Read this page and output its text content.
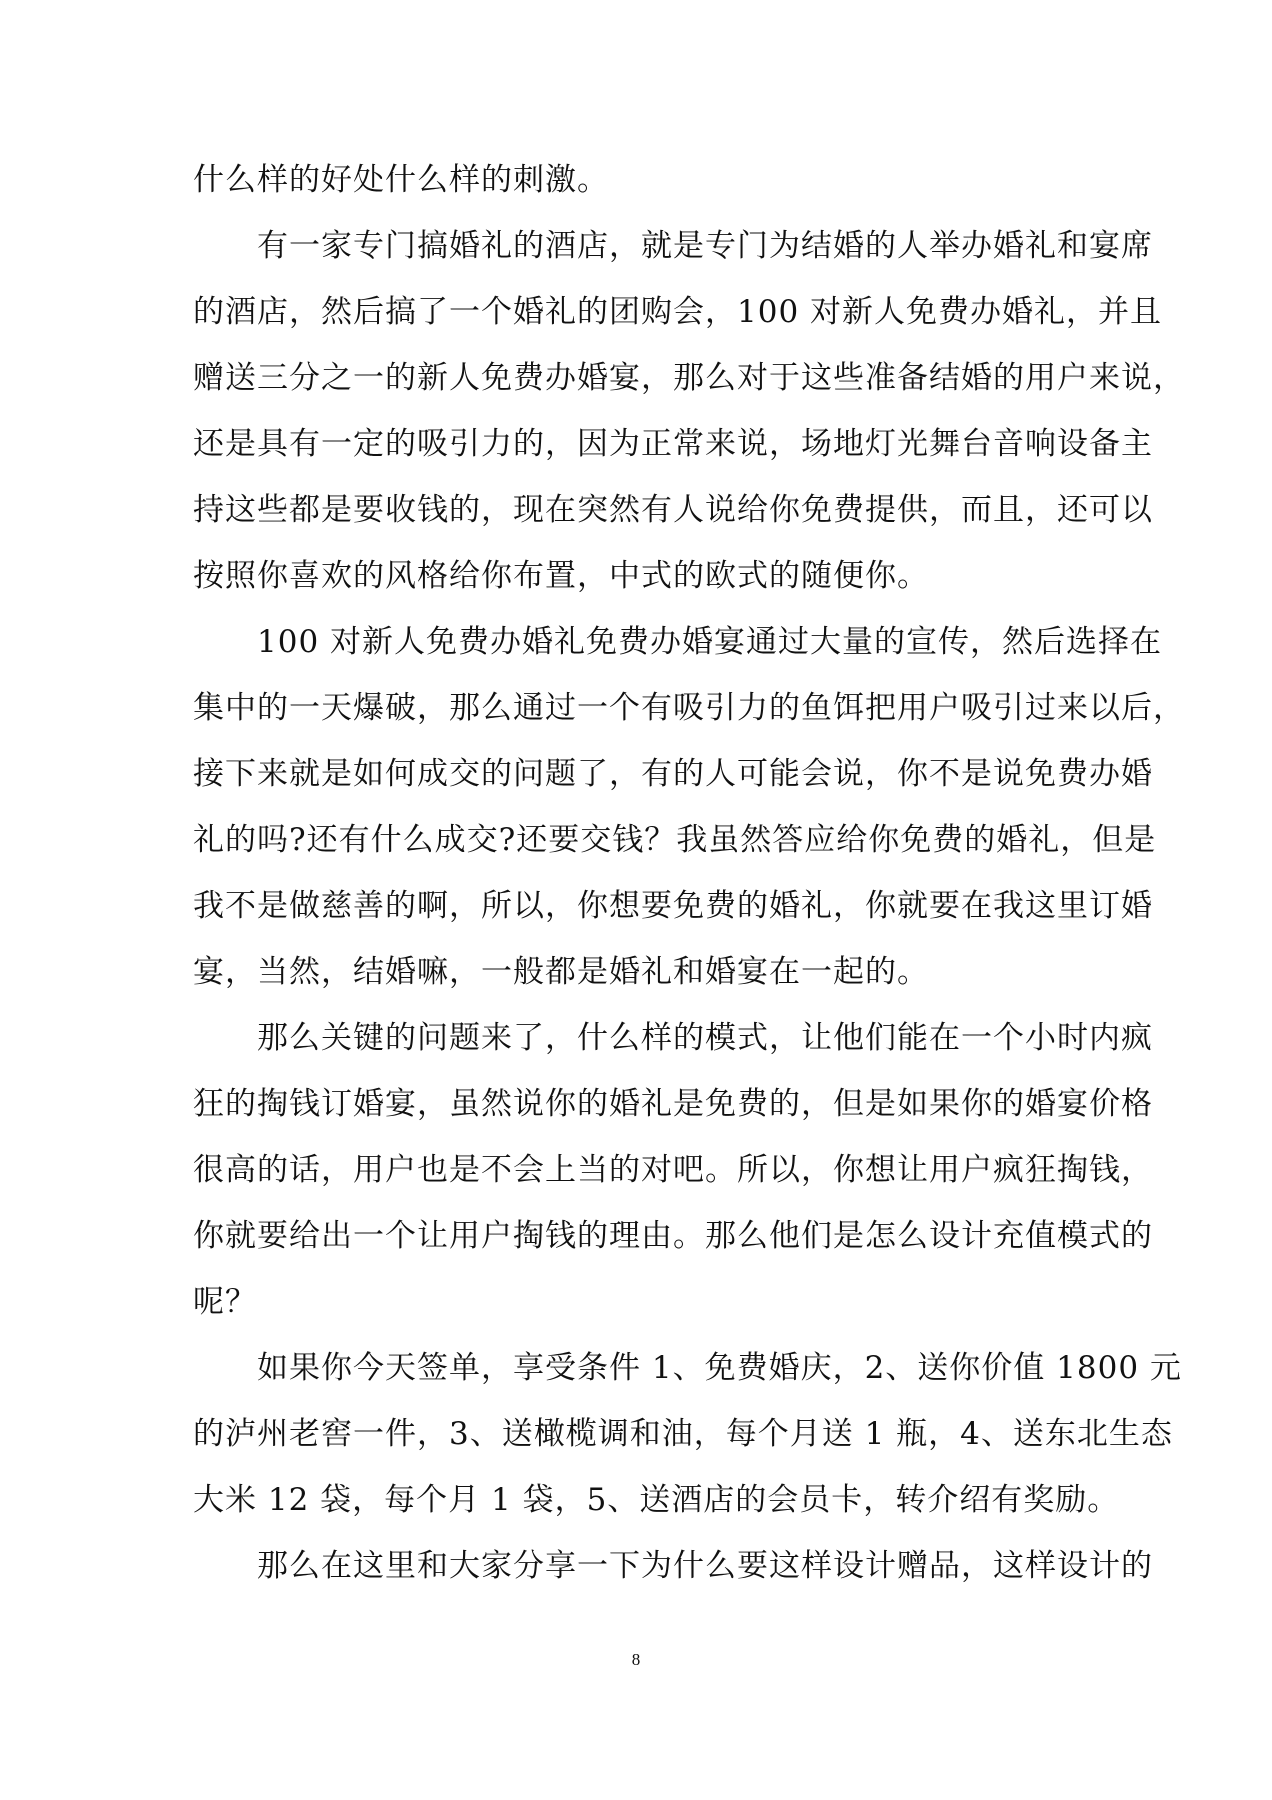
什么样的好处什么样的刺激。
　　有一家专门搞婚礼的酒店，就是专门为结婚的人举办婚礼和宴席
的酒店，然后搞了一个婚礼的团购会，100 对新人免费办婚礼，并且
赠送三分之一的新人免费办婚宴，那么对于这些准备结婚的用户来说，
还是具有一定的吸引力的，因为正常来说，场地灯光舞台音响设备主
持这些都是要收钱的，现在突然有人说给你免费提供，而且，还可以
按照你喜欢的风格给你布置，中式的欧式的随便你。
　　100 对新人免费办婚礼免费办婚宴通过大量的宣传，然后选择在
集中的一天爆破，那么通过一个有吸引力的鱼饵把用户吸引过来以后，
接下来就是如何成交的问题了，有的人可能会说，你不是说免费办婚
礼的吗?还有什么成交?还要交钱？我虽然答应给你免费的婚礼，但是
我不是做慈善的啊，所以，你想要免费的婚礼，你就要在我这里订婚
宴，当然，结婚嘛，一般都是婚礼和婚宴在一起的。
　　那么关键的问题来了，什么样的模式，让他们能在一个小时内疯
狂的掏钱订婚宴，虽然说你的婚礼是免费的，但是如果你的婚宴价格
很高的话，用户也是不会上当的对吧。所以，你想让用户疯狂掏钱，
你就要给出一个让用户掏钱的理由。那么他们是怎么设计充值模式的
呢？
　　如果你今天签单，享受条件 1、免费婚庆，2、送你价值 1800 元
的泸州老窖一件，3、送橄榄调和油，每个月送 1 瓶，4、送东北生态
大米 12 袋，每个月 1 袋，5、送酒店的会员卡，转介绍有奖励。
　　那么在这里和大家分享一下为什么要这样设计赠品，这样设计的
8
